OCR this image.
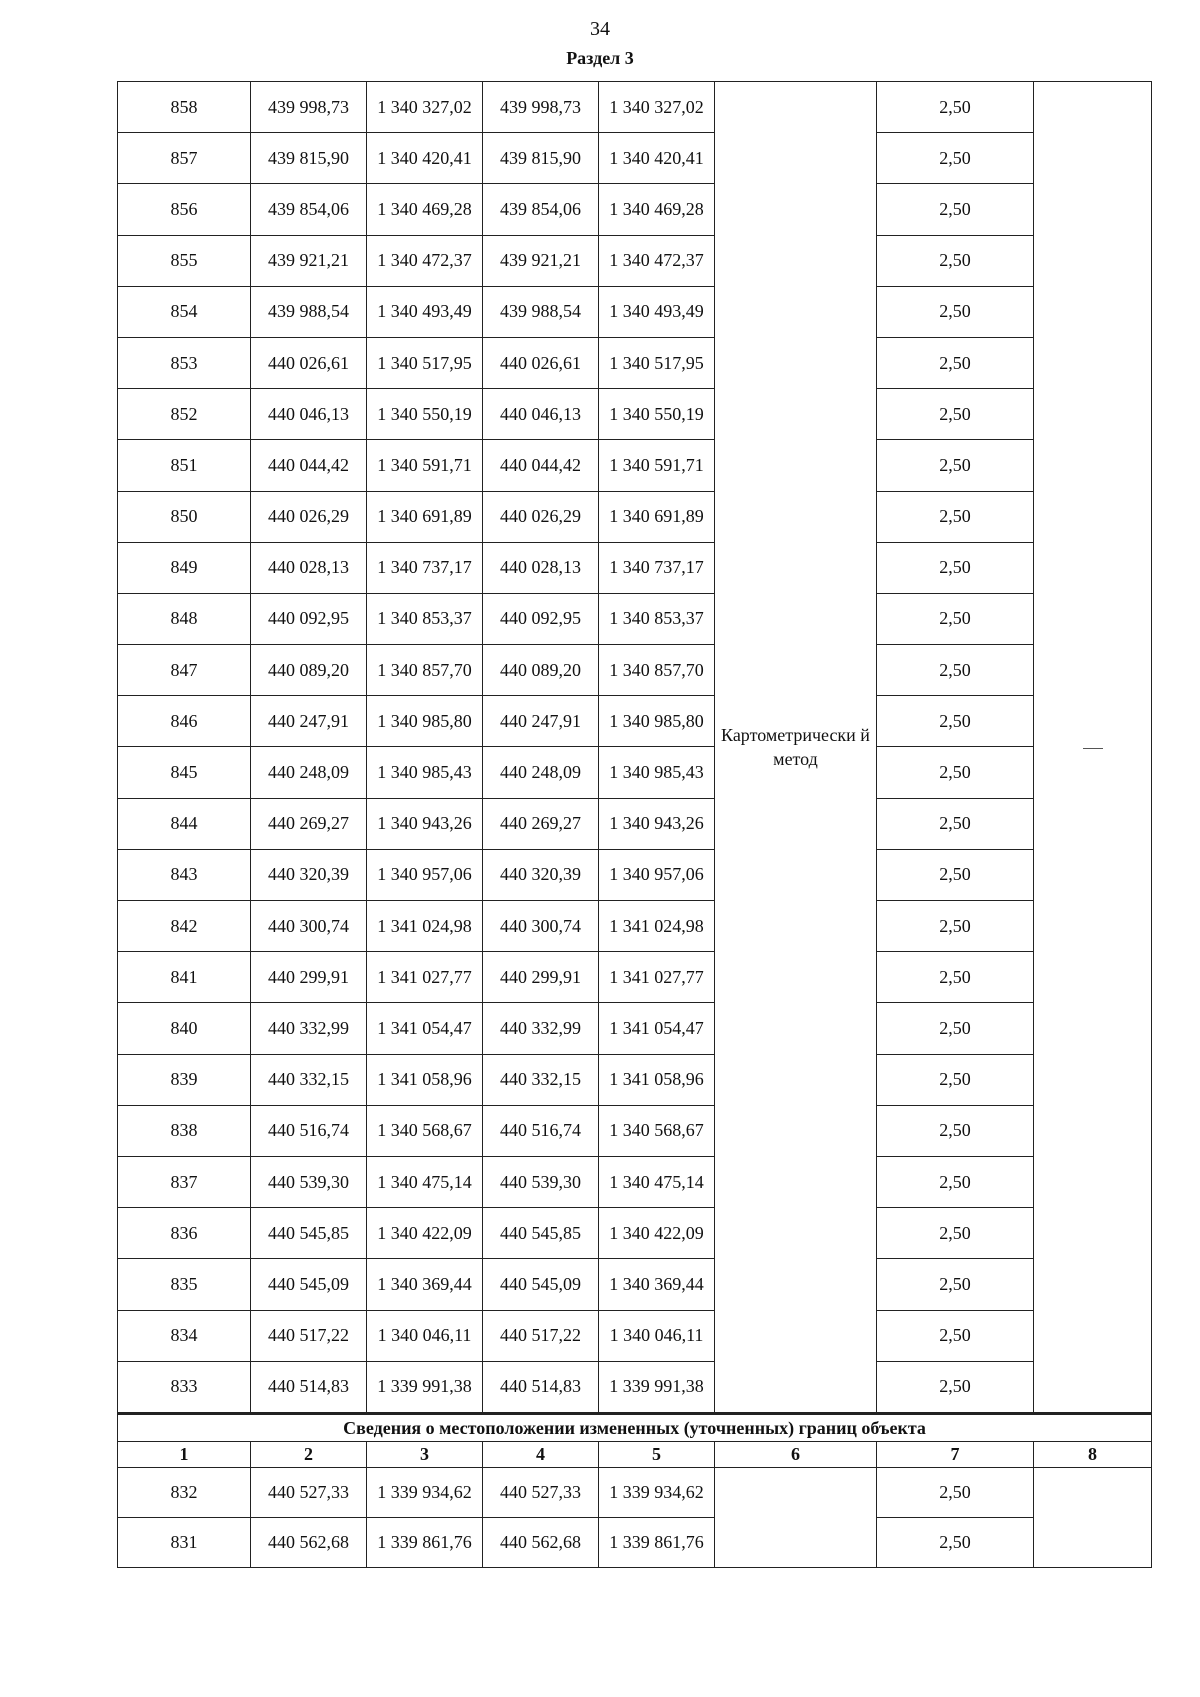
34
Раздел 3
858	439 998,73	1 340 327,02	439 998,73	1 340 327,02	Картометрически й метод	2,50	
857	439 815,90	1 340 420,41	439 815,90	1 340 420,41		2,50	
856	439 854,06	1 340 469,28	439 854,06	1 340 469,28		2,50	
855	439 921,21	1 340 472,37	439 921,21	1 340 472,37		2,50	
854	439 988,54	1 340 493,49	439 988,54	1 340 493,49		2,50	
853	440 026,61	1 340 517,95	440 026,61	1 340 517,95		2,50	
852	440 046,13	1 340 550,19	440 046,13	1 340 550,19		2,50	
851	440 044,42	1 340 591,71	440 044,42	1 340 591,71		2,50	
850	440 026,29	1 340 691,89	440 026,29	1 340 691,89		2,50	
849	440 028,13	1 340 737,17	440 028,13	1 340 737,17		2,50	
848	440 092,95	1 340 853,37	440 092,95	1 340 853,37		2,50	
847	440 089,20	1 340 857,70	440 089,20	1 340 857,70		2,50	
846	440 247,91	1 340 985,80	440 247,91	1 340 985,80		2,50	
845	440 248,09	1 340 985,43	440 248,09	1 340 985,43		2,50	
844	440 269,27	1 340 943,26	440 269,27	1 340 943,26		2,50	
843	440 320,39	1 340 957,06	440 320,39	1 340 957,06		2,50	
842	440 300,74	1 341 024,98	440 300,74	1 341 024,98		2,50	
841	440 299,91	1 341 027,77	440 299,91	1 341 027,77		2,50	
840	440 332,99	1 341 054,47	440 332,99	1 341 054,47		2,50	
839	440 332,15	1 341 058,96	440 332,15	1 341 058,96		2,50	
838	440 516,74	1 340 568,67	440 516,74	1 340 568,67		2,50	
837	440 539,30	1 340 475,14	440 539,30	1 340 475,14		2,50	
836	440 545,85	1 340 422,09	440 545,85	1 340 422,09		2,50	
835	440 545,09	1 340 369,44	440 545,09	1 340 369,44		2,50	
834	440 517,22	1 340 046,11	440 517,22	1 340 046,11		2,50	
833	440 514,83	1 339 991,38	440 514,83	1 339 991,38		2,50	
Сведения о местоположении измененных (уточненных) границ объекта							
1	2	3	4	5	6	7	8
832	440 527,33	1 339 934,62	440 527,33	1 339 934,62		2,50	
831	440 562,68	1 339 861,76	440 562,68	1 339 861,76		2,50	
